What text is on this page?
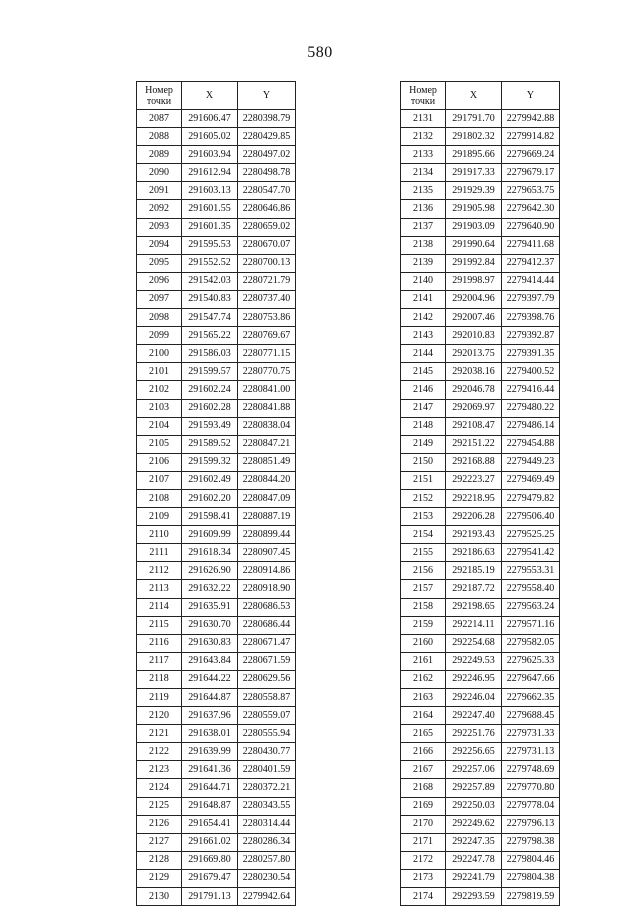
580
Номер
точки	X	Y
2087	291606.47	2280398.79
2088	291605.02	2280429.85
2089	291603.94	2280497.02
2090	291612.94	2280498.78
2091	291603.13	2280547.70
2092	291601.55	2280646.86
2093	291601.35	2280659.02
2094	291595.53	2280670.07
2095	291552.52	2280700.13
2096	291542.03	2280721.79
2097	291540.83	2280737.40
2098	291547.74	2280753.86
2099	291565.22	2280769.67
2100	291586.03	2280771.15
2101	291599.57	2280770.75
2102	291602.24	2280841.00
2103	291602.28	2280841.88
2104	291593.49	2280838.04
2105	291589.52	2280847.21
2106	291599.32	2280851.49
2107	291602.49	2280844.20
2108	291602.20	2280847.09
2109	291598.41	2280887.19
2110	291609.99	2280899.44
2111	291618.34	2280907.45
2112	291626.90	2280914.86
2113	291632.22	2280918.90
2114	291635.91	2280686.53
2115	291630.70	2280686.44
2116	291630.83	2280671.47
2117	291643.84	2280671.59
2118	291644.22	2280629.56
2119	291644.87	2280558.87
2120	291637.96	2280559.07
2121	291638.01	2280555.94
2122	291639.99	2280430.77
2123	291641.36	2280401.59
2124	291644.71	2280372.21
2125	291648.87	2280343.55
2126	291654.41	2280314.44
2127	291661.02	2280286.34
2128	291669.80	2280257.80
2129	291679.47	2280230.54
2130	291791.13	2279942.64
Номер
точки	X	Y
2131	291791.70	2279942.88
2132	291802.32	2279914.82
2133	291895.66	2279669.24
2134	291917.33	2279679.17
2135	291929.39	2279653.75
2136	291905.98	2279642.30
2137	291903.09	2279640.90
2138	291990.64	2279411.68
2139	291992.84	2279412.37
2140	291998.97	2279414.44
2141	292004.96	2279397.79
2142	292007.46	2279398.76
2143	292010.83	2279392.87
2144	292013.75	2279391.35
2145	292038.16	2279400.52
2146	292046.78	2279416.44
2147	292069.97	2279480.22
2148	292108.47	2279486.14
2149	292151.22	2279454.88
2150	292168.88	2279449.23
2151	292223.27	2279469.49
2152	292218.95	2279479.82
2153	292206.28	2279506.40
2154	292193.43	2279525.25
2155	292186.63	2279541.42
2156	292185.19	2279553.31
2157	292187.72	2279558.40
2158	292198.65	2279563.24
2159	292214.11	2279571.16
2160	292254.68	2279582.05
2161	292249.53	2279625.33
2162	292246.95	2279647.66
2163	292246.04	2279662.35
2164	292247.40	2279688.45
2165	292251.76	2279731.33
2166	292256.65	2279731.13
2167	292257.06	2279748.69
2168	292257.89	2279770.80
2169	292250.03	2279778.04
2170	292249.62	2279796.13
2171	292247.35	2279798.38
2172	292247.78	2279804.46
2173	292241.79	2279804.38
2174	292293.59	2279819.59
